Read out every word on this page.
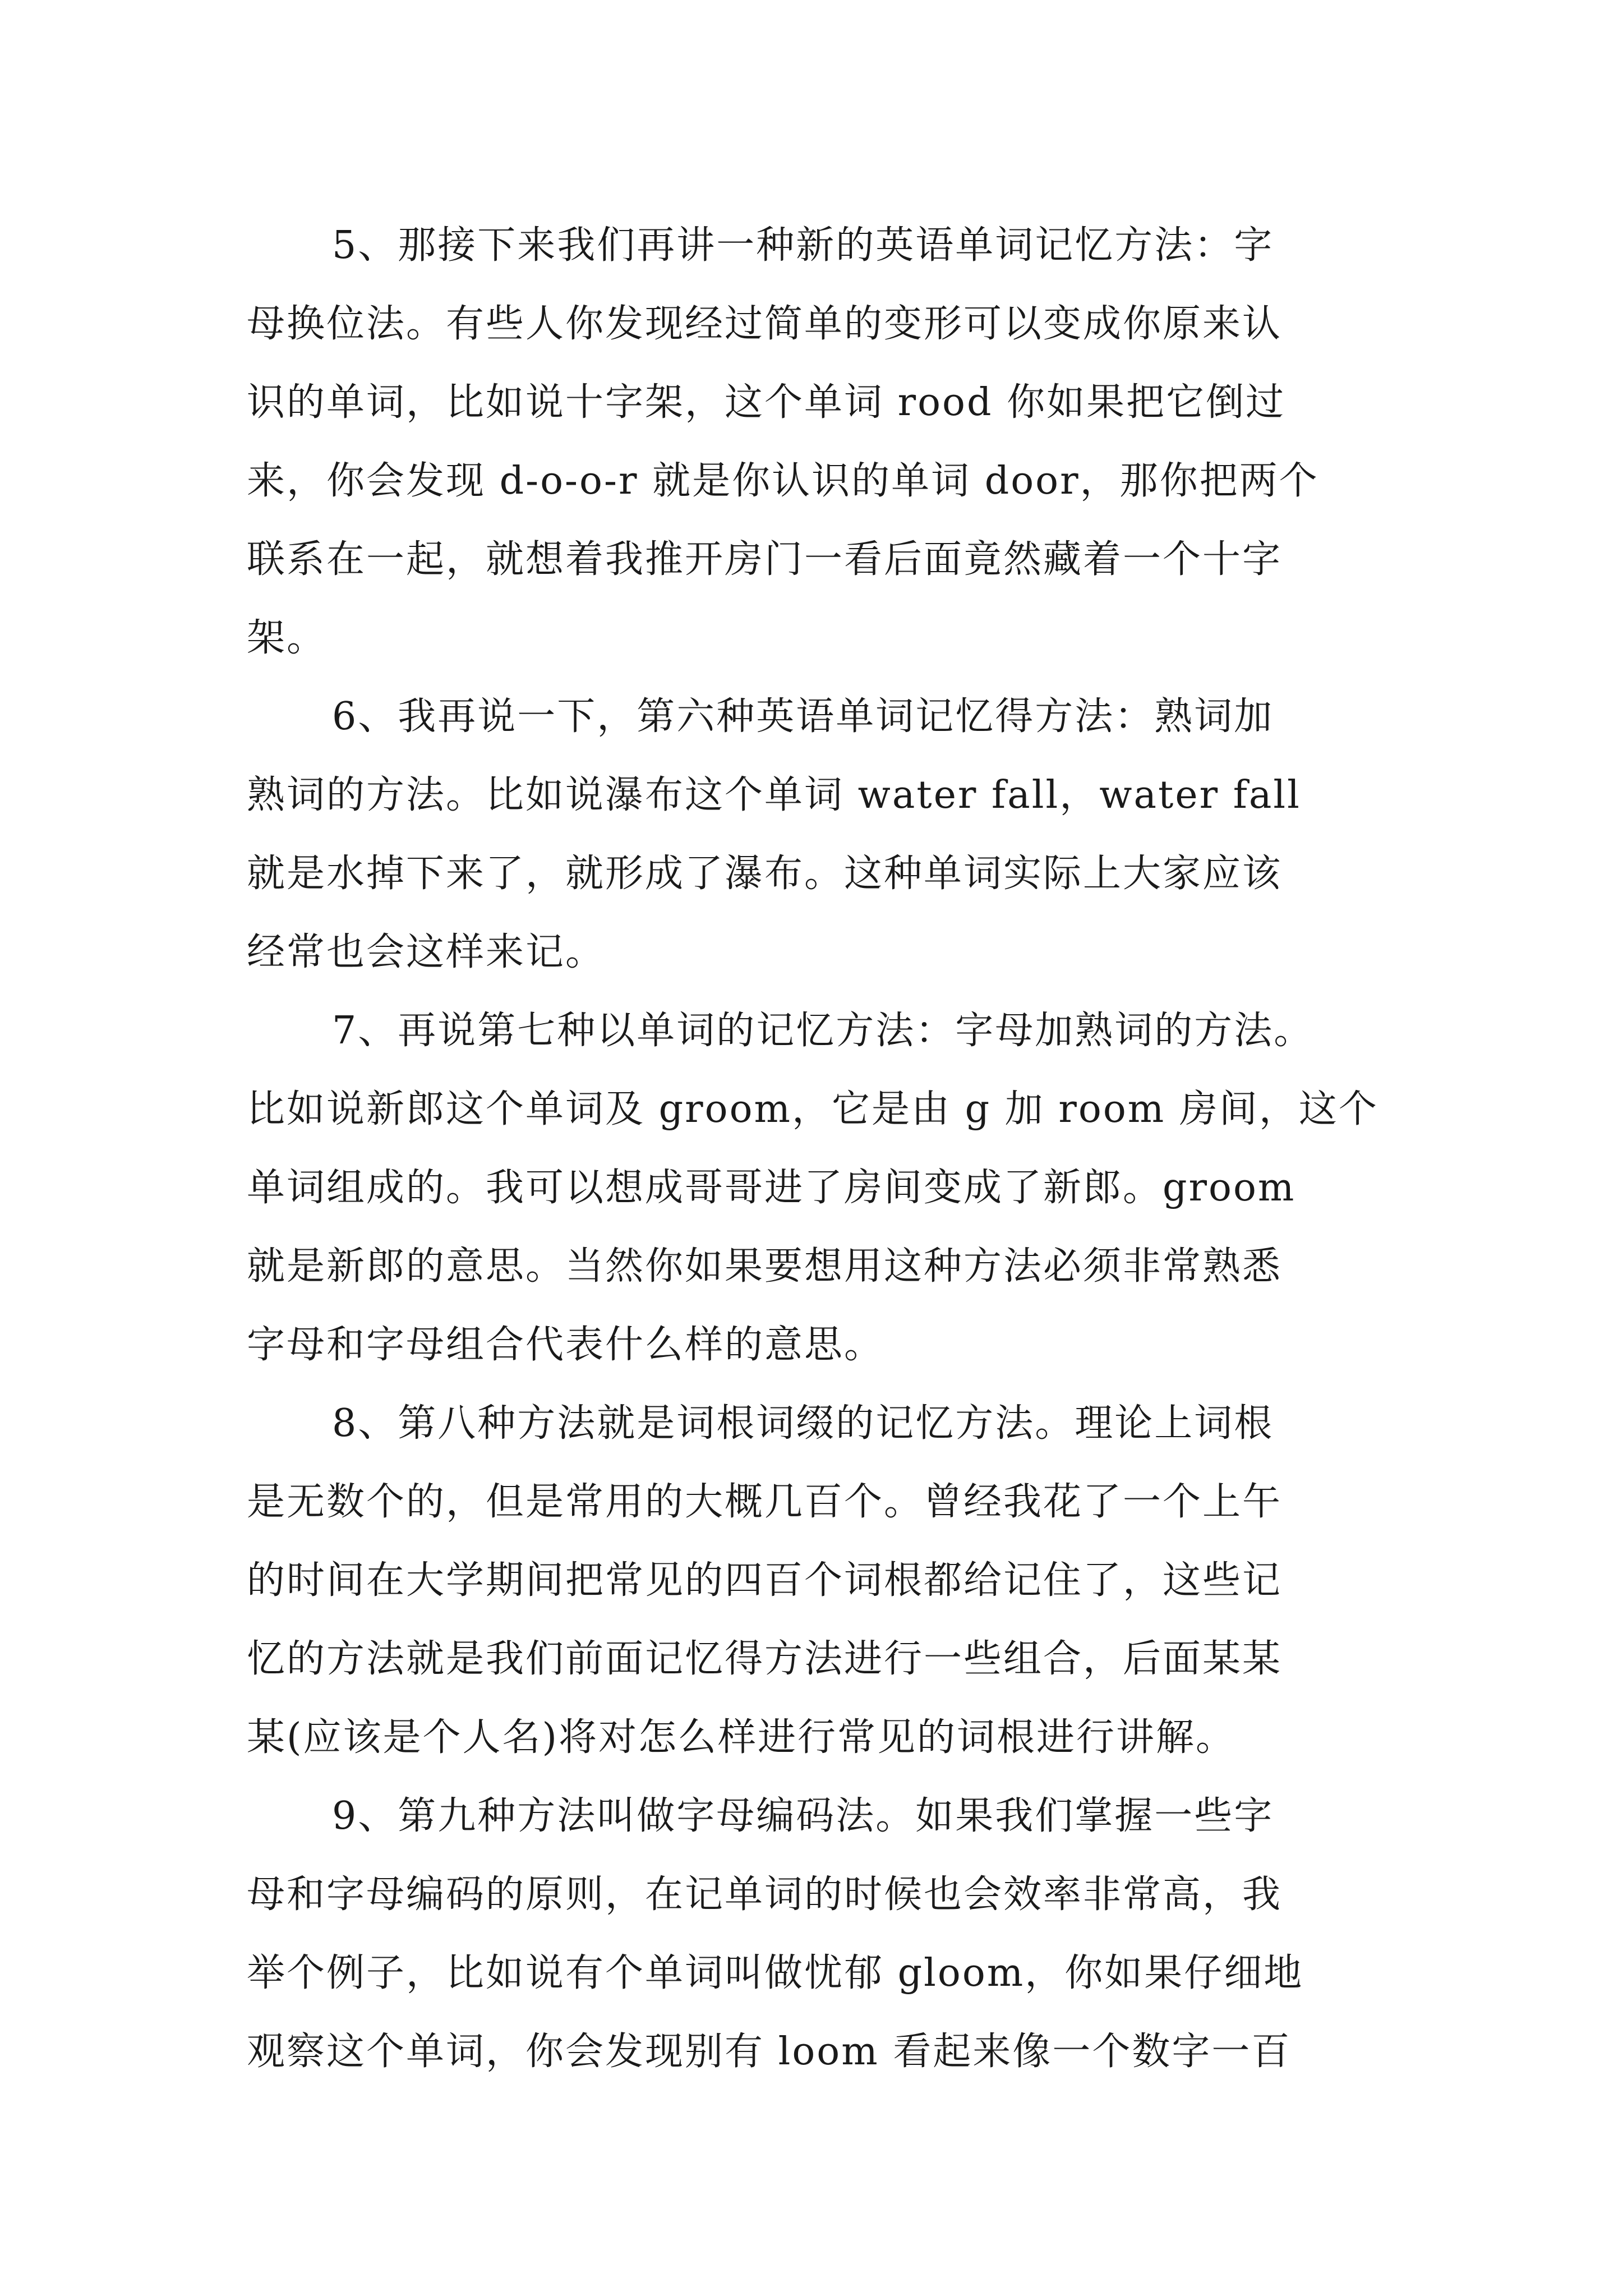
5、那接下来我们再讲一种新的英语单词记忆方法：字
母换位法。有些人你发现经过简单的变形可以变成你原来认
识的单词，比如说十字架，这个单词 rood 你如果把它倒过
来，你会发现 d-o-o-r 就是你认识的单词 door，那你把两个
联系在一起，就想着我推开房门一看后面竟然藏着一个十字
架。
6、我再说一下，第六种英语单词记忆得方法：熟词加
熟词的方法。比如说瀑布这个单词 water fall，water fall
就是水掉下来了，就形成了瀑布。这种单词实际上大家应该
经常也会这样来记。
7、再说第七种以单词的记忆方法：字母加熟词的方法。
比如说新郎这个单词及 groom，它是由 g 加 room 房间，这个
单词组成的。我可以想成哥哥进了房间变成了新郎。groom
就是新郎的意思。当然你如果要想用这种方法必须非常熟悉
字母和字母组合代表什么样的意思。
8、第八种方法就是词根词缀的记忆方法。理论上词根
是无数个的，但是常用的大概几百个。曾经我花了一个上午
的时间在大学期间把常见的四百个词根都给记住了，这些记
忆的方法就是我们前面记忆得方法进行一些组合，后面某某
某(应该是个人名)将对怎么样进行常见的词根进行讲解。
9、第九种方法叫做字母编码法。如果我们掌握一些字
母和字母编码的原则，在记单词的时候也会效率非常高，我
举个例子，比如说有个单词叫做忧郁 gloom，你如果仔细地
观察这个单词，你会发现别有 loom 看起来像一个数字一百
